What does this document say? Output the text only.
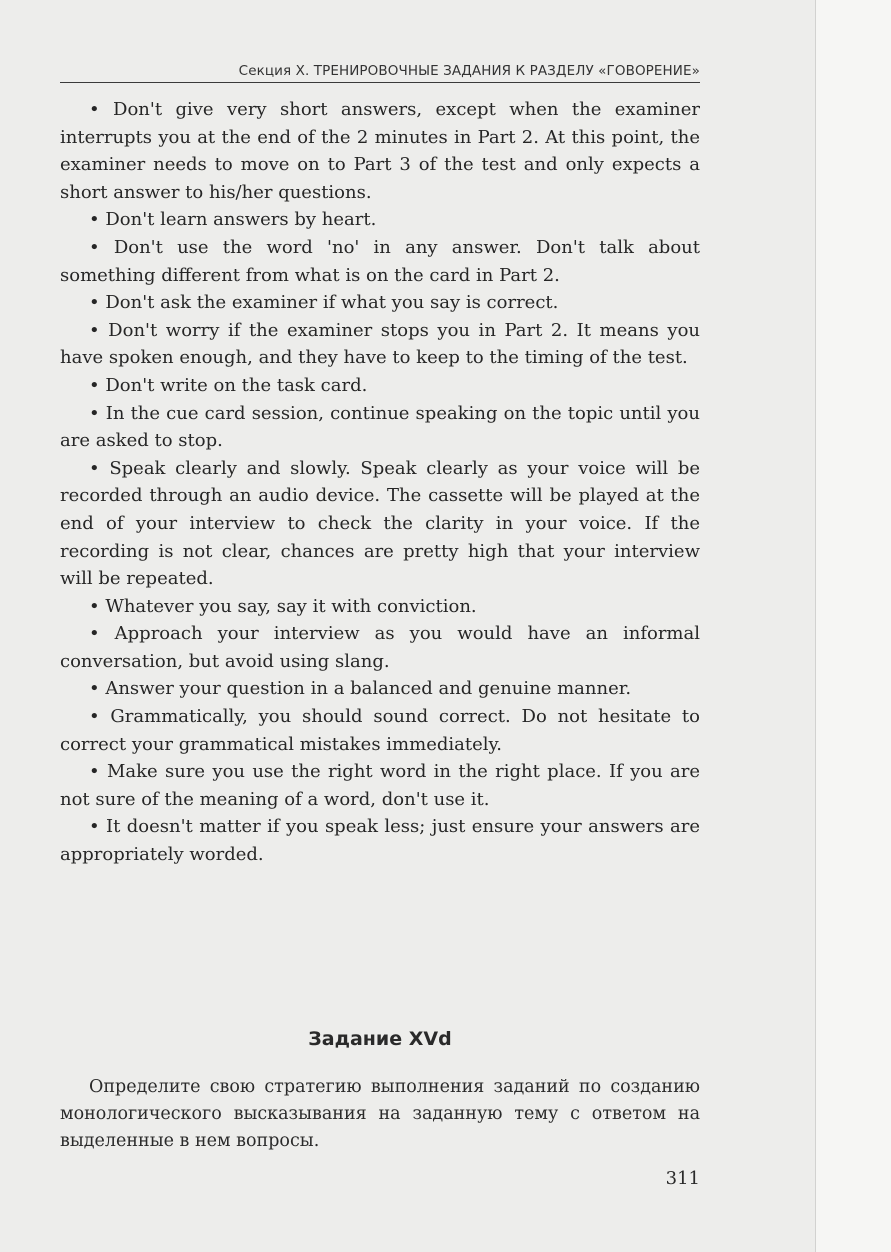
Секция X. ТРЕНИРОВОЧНЫЕ ЗАДАНИЯ К РАЗДЕЛУ «ГОВОРЕНИЕ»

• Don't give very short answers, except when the examiner interrupts you at the end of the 2 minutes in Part 2. At this point, the examiner needs to move on to Part 3 of the test and only expects a short answer to his/her questions.

• Don't learn answers by heart.

• Don't use the word 'no' in any answer. Don't talk about something different from what is on the card in Part 2.

• Don't ask the examiner if what you say is correct.

• Don't worry if the examiner stops you in Part 2. It means you have spoken enough, and they have to keep to the timing of the test.

• Don't write on the task card.

• In the cue card session, continue speaking on the topic until you are asked to stop.

• Speak clearly and slowly. Speak clearly as your voice will be recorded through an audio device. The cassette will be played at the end of your interview to check the clarity in your voice. If the recording is not clear, chances are pretty high that your interview will be repeated.

• Whatever you say, say it with conviction.

• Approach your interview as you would have an informal conversation, but avoid using slang.

• Answer your question in a balanced and genuine manner.

• Grammatically, you should sound correct. Do not hesitate to correct your grammatical mistakes immediately.

• Make sure you use the right word in the right place. If you are not sure of the meaning of a word, don't use it.

• It doesn't matter if you speak less; just ensure your answers are appropriately worded.

Задание XVd

Определите свою стратегию выполнения заданий по созданию монологического высказывания на заданную тему с ответом на выделенные в нем вопросы.

311
